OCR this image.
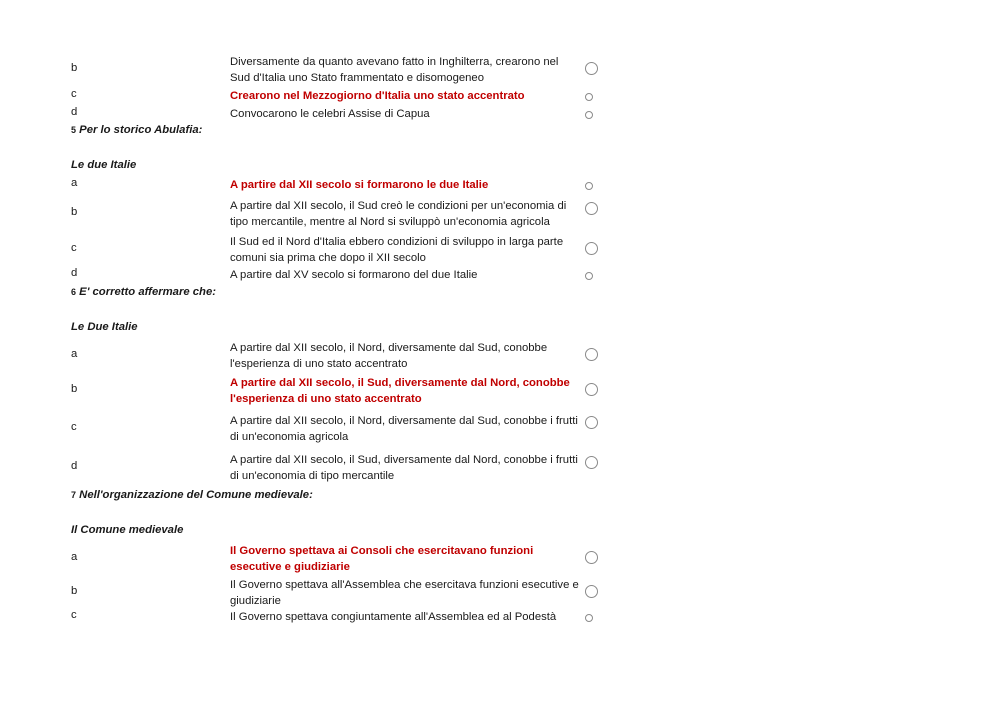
b	Diversamente da quanto avevano fatto in Inghilterra, crearono nel Sud d'Italia uno Stato frammentato e disomogeneo
c	Crearono nel Mezzogiorno d'Italia uno stato accentrato
d	Convocarono le celebri Assise di Capua
5 Per lo storico Abulafia:
Le due Italie
a	A partire dal XII secolo si formarono le due Italie
b	A partire dal XII secolo, il Sud creò le condizioni per un'economia di tipo mercantile, mentre al Nord si sviluppò un'economia agricola
c	Il Sud ed il Nord d'Italia ebbero condizioni di sviluppo in larga parte comuni sia prima che dopo il XII secolo
d	A partire dal XV secolo si formarono del due Italie
6 E' corretto affermare che:
Le Due Italie
a	A partire dal XII secolo, il Nord, diversamente dal Sud, conobbe l'esperienza di uno stato accentrato
b	A partire dal XII secolo, il Sud, diversamente dal Nord, conobbe l'esperienza di uno stato accentrato
c	A partire dal XII secolo, il Nord, diversamente dal Sud, conobbe i frutti di un'economia agricola
d	A partire dal XII secolo, il Sud, diversamente dal Nord, conobbe i frutti di un'economia di tipo mercantile
7 Nell'organizzazione del Comune medievale:
Il Comune medievale
a	Il Governo spettava ai Consoli che esercitavano funzioni esecutive e giudiziarie
b	Il Governo spettava all'Assemblea che esercitava funzioni esecutive e giudiziarie
c	Il Governo spettava congiuntamente all'Assemblea ed al Podestà
